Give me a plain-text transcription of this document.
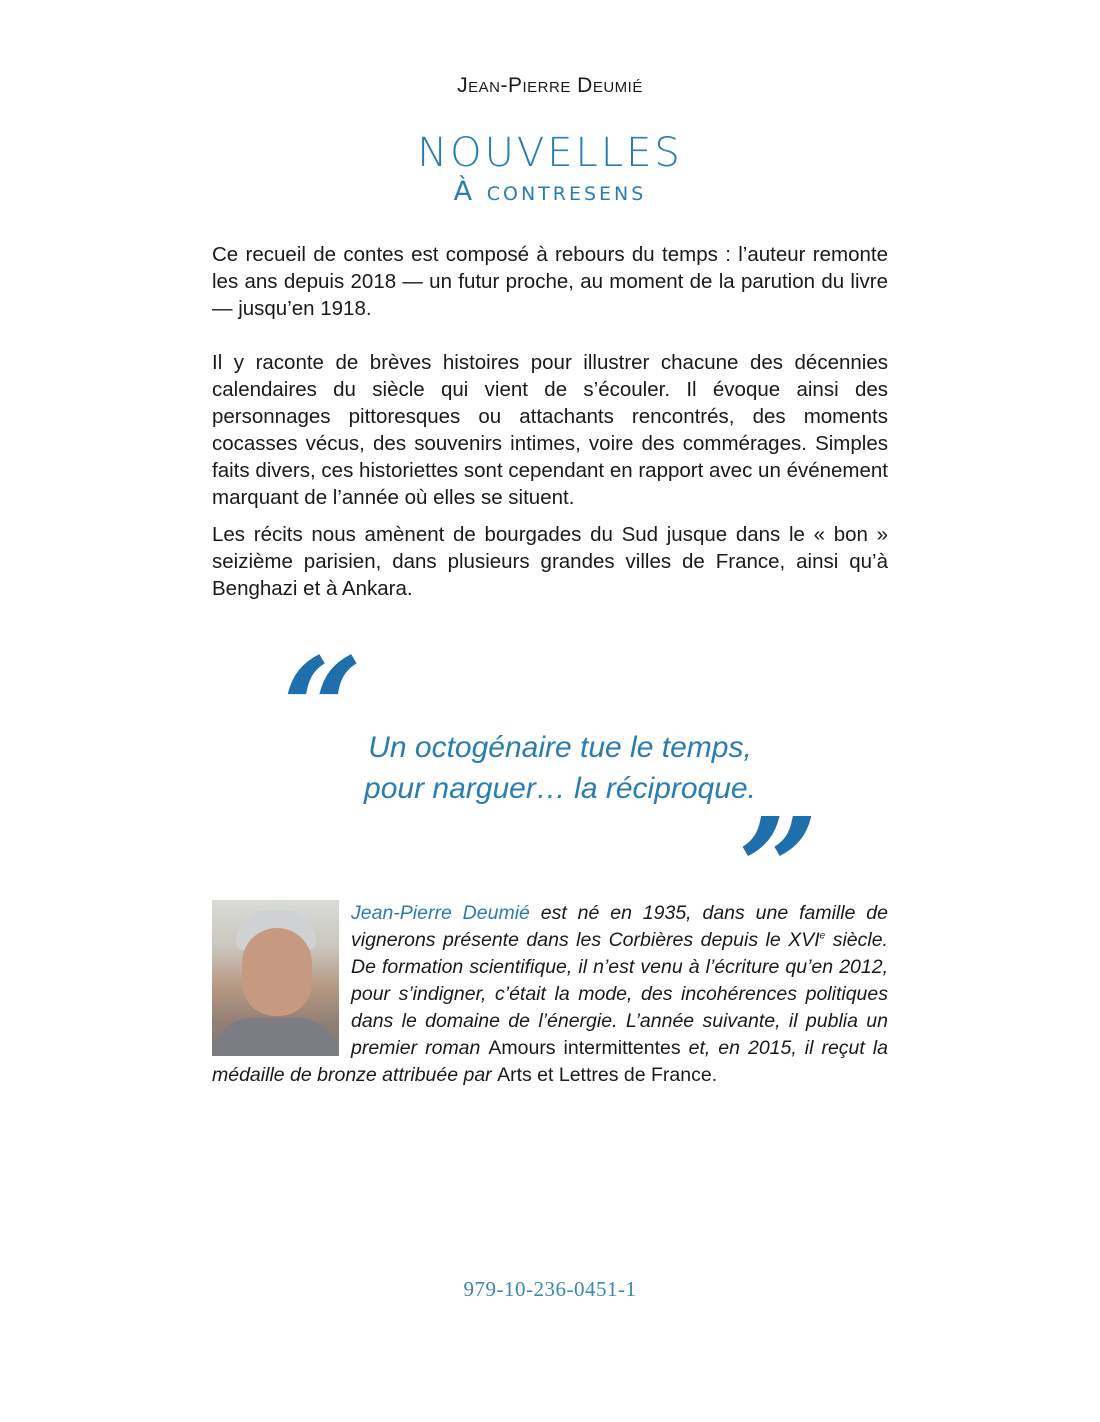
Jean-Pierre Deumié
NOUVELLES
À contresens

Ce recueil de contes est composé à rebours du temps : l’auteur remonte les ans depuis 2018 — un futur proche, au moment de la parution du livre — jusqu’en 1918.

Il y raconte de brèves histoires pour illustrer chacune des décennies calendaires du siècle qui vient de s’écouler. Il évoque ainsi des personnages pittoresques ou attachants rencontrés, des moments cocasses vécus, des souvenirs intimes, voire des commérages. Simples faits divers, ces historiettes sont cependant en rapport avec un événement marquant de l’année où elles se situent.

Les récits nous amènent de bourgades du Sud jusque dans le « bon » seizième parisien, dans plusieurs grandes villes de France, ainsi qu’à Benghazi et à Ankara.

“ Un octogénaire tue le temps,
pour narguer… la réciproque.
”
Jean-Pierre Deumié est né en 1935, dans une famille de vignerons présente dans les Corbières depuis le XVIe siècle. De formation scientifique, il n’est venu à l’écriture qu’en 2012, pour s’indigner, c’était la mode, des incohérences politiques dans le domaine de l’énergie. L’année suivante, il publia un premier roman Amours intermittentes et, en 2015, il reçut la médaille de bronze attribuée par Arts et Lettres de France.
979-10-236-0451-1
